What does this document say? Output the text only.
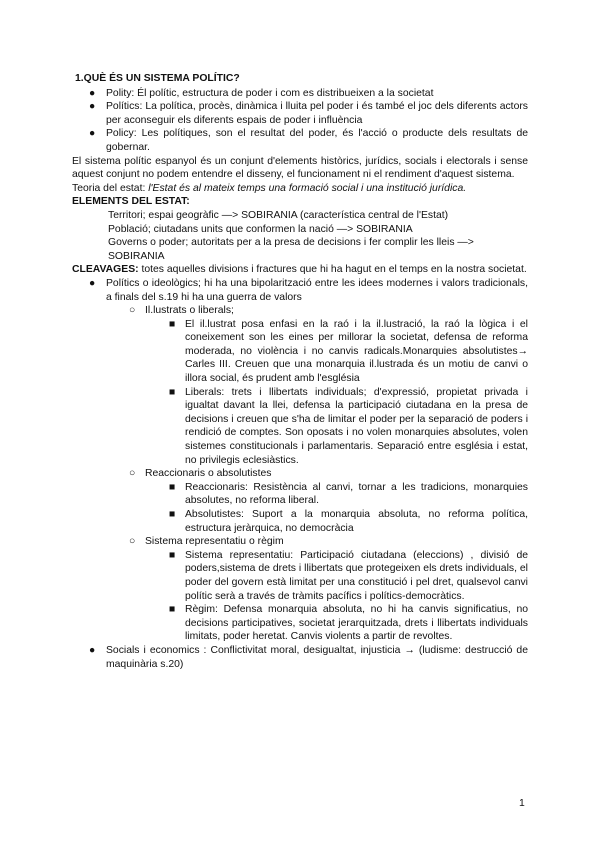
1.QUÈ ÉS UN SISTEMA POLÍTIC?
● Polity: Él polític, estructura de poder i com es distribueixen a la societat
● Polítics: La política, procès, dinàmica i lluita pel poder i és també el joc dels diferents actors per aconseguir els diferents espais de poder i influència
● Policy: Les polítiques, son el resultat del poder, és l'acció o producte dels resultats de gobernar.
El sistema polític espanyol és un conjunt d'elements històrics, jurídics, socials i electorals i sense aquest conjunt no podem entendre el disseny, el funcionament ni el rendiment d'aquest sistema.
Teoria del estat: l'Estat és al mateix temps una formació social i una institució jurídica.
ELEMENTS DEL ESTAT:
Territori; espai geogràfic —> SOBIRANIA (característica central de l'Estat)
Població; ciutadans units que conformen la nació —> SOBIRANIA
Governs o poder; autoritats per a la presa de decisions i fer complir les lleis —> SOBIRANIA
CLEAVAGES: totes aquelles divisions i fractures que hi ha hagut en el temps en la nostra societat.
● Polítics o ideològics; hi ha una bipolarització entre les idees modernes i valors tradicionals, a finals del s.19 hi ha una guerra de valors
○ Il.lustrats o liberals;
■ El il.lustrat posa enfasi en la raó i la il.lustració, la raó la lògica i el coneixement son les eines per millorar la societat, defensa de reforma moderada, no violència i no canvis radicals.Monarquies absolutistes→ Carles III. Creuen que una monarquia il.lustrada és un motiu de canvi o illora social, és prudent amb l'església
■ Liberals: trets i llibertats individuals; d'expressió, propietat privada i igualtat davant la llei, defensa la participació ciutadana en la presa de decisions i creuen que s'ha de limitar el poder per la separació de poders i rendició de comptes. Son oposats i no volen monarquies absolutes, volen sistemes constitucionals i parlamentaris. Separació entre església i estat, no privilegis eclesiàstics.
○ Reaccionaris o absolutistes
■ Reaccionaris: Resistència al canvi, tornar a les tradicions, monarquies absolutes, no reforma liberal.
■ Absolutistes: Suport a la monarquia absoluta, no reforma política, estructura jeràrquica, no democràcia
○ Sistema representatiu o règim
■ Sistema representatiu: Participació ciutadana (eleccions) , divisió de poders,sistema de drets i llibertats que protegeixen els drets individuals, el poder del govern està limitat per una constitució i pel dret, qualsevol canvi polític serà a través de tràmits pacífics i polítics-democràtics.
■ Règim: Defensa monarquia absoluta, no hi ha canvis significatius, no decisions participatives, societat jerarquitzada, drets i llibertats individuals limitats, poder heretat. Canvis violents a partir de revoltes.
● Socials i economics : Conflictivitat moral, desigualtat, injusticia → (ludisme: destrucció de maquinària s.20)
1
